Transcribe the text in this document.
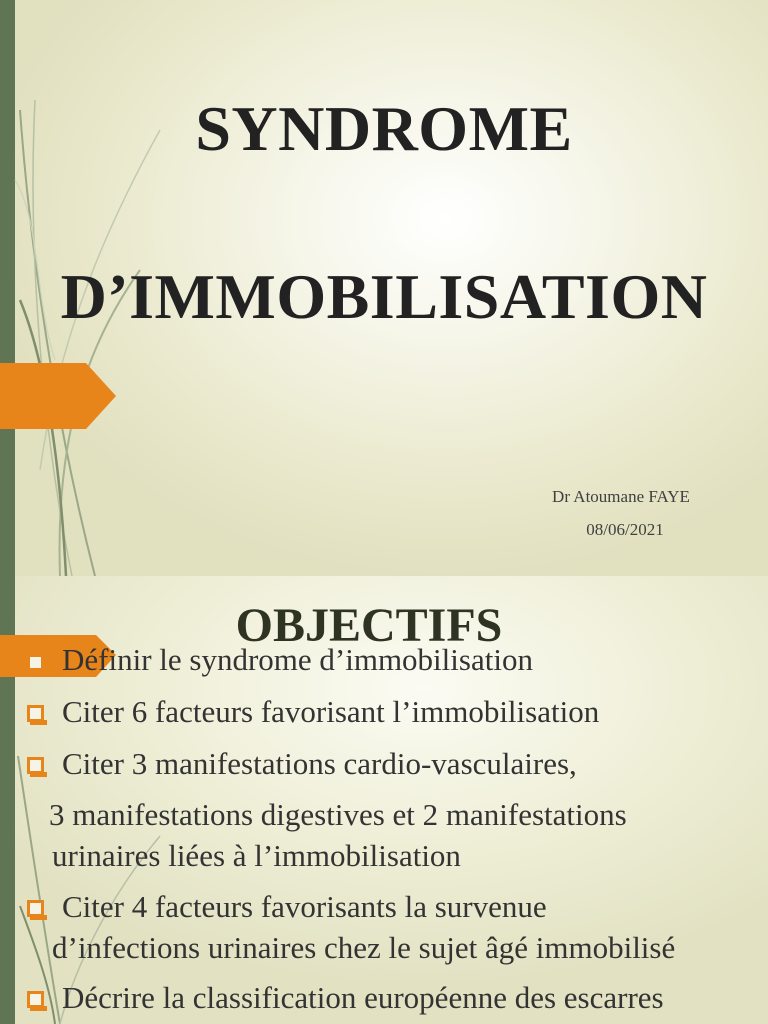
SYNDROME
D’IMMOBILISATION
Dr Atoumane FAYE
08/06/2021
OBJECTIFS
Définir le syndrome d’immobilisation
Citer 6 facteurs favorisant l’immobilisation
Citer 3 manifestations cardio-vasculaires,
3 manifestations digestives et 2 manifestations
urinaires liées à l’immobilisation
Citer 4 facteurs favorisants la survenue
d’infections urinaires chez le sujet âgé immobilisé
Décrire la classification européenne des escarres
